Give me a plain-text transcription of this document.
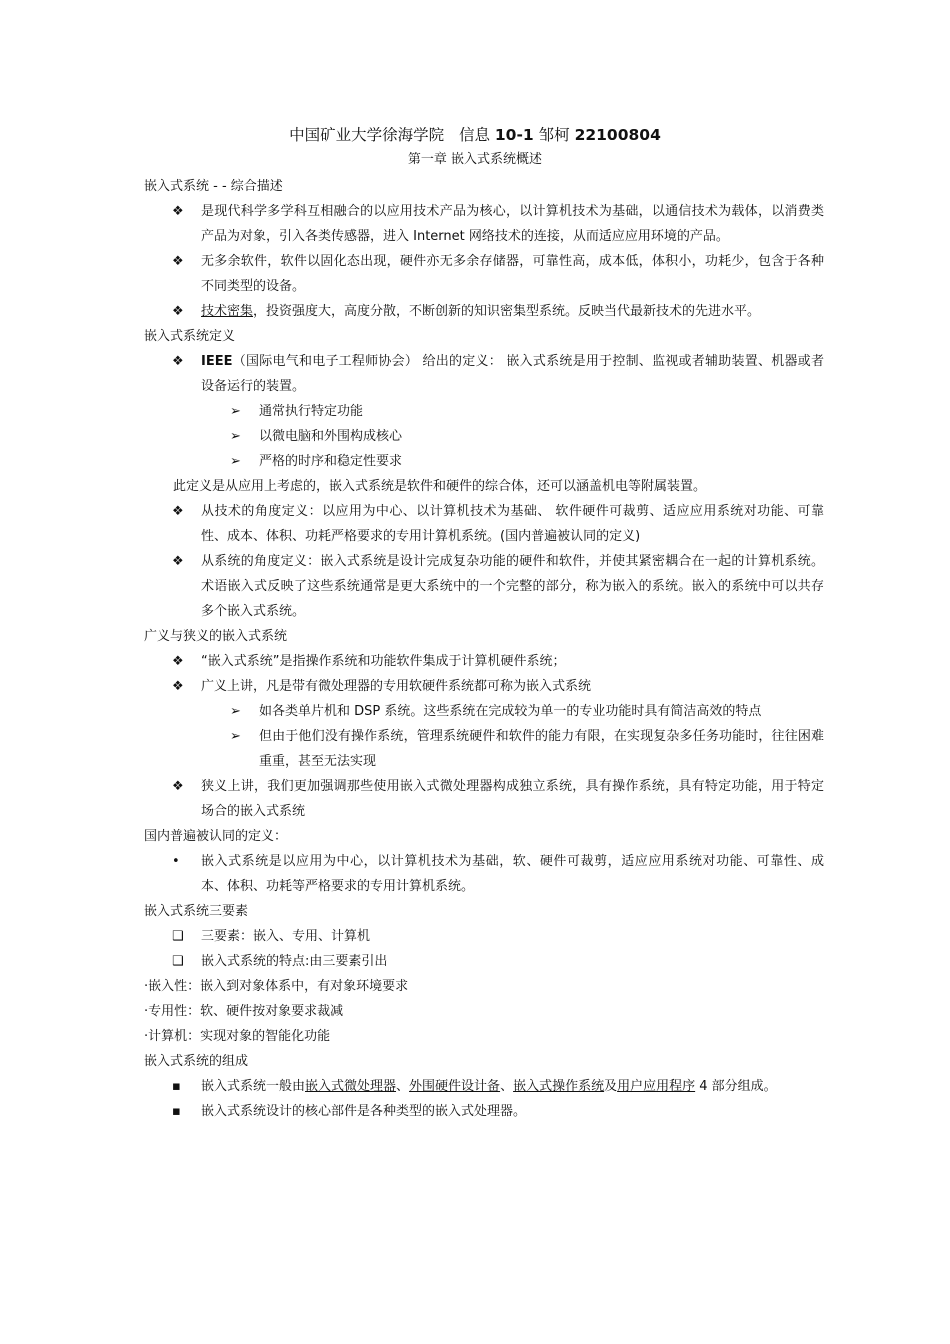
中国矿业大学徐海学院 信息 10-1 邹柯 22100804
第一章 嵌入式系统概述
嵌入式系统 - - 综合描述
❖	是现代科学多学科互相融合的以应用技术产品为核心，以计算机技术为基础，以通信技术为载体，以消费类产品为对象，引入各类传感器，进入 Internet 网络技术的连接，从而适应应用环境的产品。
❖	无多余软件，软件以固化态出现，硬件亦无多余存储器，可靠性高，成本低，体积小，功耗少，包含于各种不同类型的设备。
❖	技术密集，投资强度大，高度分散，不断创新的知识密集型系统。反映当代最新技术的先进水平。
嵌入式系统定义
❖	IEEE（国际电气和电子工程师协会） 给出的定义： 嵌入式系统是用于控制、监视或者辅助装置、机器或者设备运行的装置。
➢	通常执行特定功能
➢	以微电脑和外围构成核心
➢	严格的时序和稳定性要求
此定义是从应用上考虑的，嵌入式系统是软件和硬件的综合体，还可以涵盖机电等附属装置。
❖	从技术的角度定义：以应用为中心、以计算机技术为基础、 软件硬件可裁剪、适应应用系统对功能、可靠性、成本、体积、功耗严格要求的专用计算机系统。(国内普遍被认同的定义)
❖	从系统的角度定义：嵌入式系统是设计完成复杂功能的硬件和软件，并使其紧密耦合在一起的计算机系统。术语嵌入式反映了这些系统通常是更大系统中的一个完整的部分，称为嵌入的系统。嵌入的系统中可以共存多个嵌入式系统。
广义与狭义的嵌入式系统
❖	“嵌入式系统”是指操作系统和功能软件集成于计算机硬件系统；
❖	广义上讲，凡是带有微处理器的专用软硬件系统都可称为嵌入式系统
➢	如各类单片机和 DSP 系统。这些系统在完成较为单一的专业功能时具有简洁高效的特点
➢	但由于他们没有操作系统，管理系统硬件和软件的能力有限，在实现复杂多任务功能时，往往困难重重，甚至无法实现
❖	狭义上讲，我们更加强调那些使用嵌入式微处理器构成独立系统，具有操作系统，具有特定功能，用于特定场合的嵌入式系统
国内普遍被认同的定义：
•	嵌入式系统是以应用为中心，以计算机技术为基础，软、硬件可裁剪，适应应用系统对功能、可靠性、成本、体积、功耗等严格要求的专用计算机系统。
嵌入式系统三要素
❑	三要素：嵌入、专用、计算机
❑	嵌入式系统的特点:由三要素引出
·嵌入性：嵌入到对象体系中，有对象环境要求
·专用性：软、硬件按对象要求裁减
·计算机：实现对象的智能化功能
嵌入式系统的组成
▪	嵌入式系统一般由嵌入式微处理器、外围硬件设计备、嵌入式操作系统及用户应用程序 4 部分组成。
▪	嵌入式系统设计的核心部件是各种类型的嵌入式处理器。
